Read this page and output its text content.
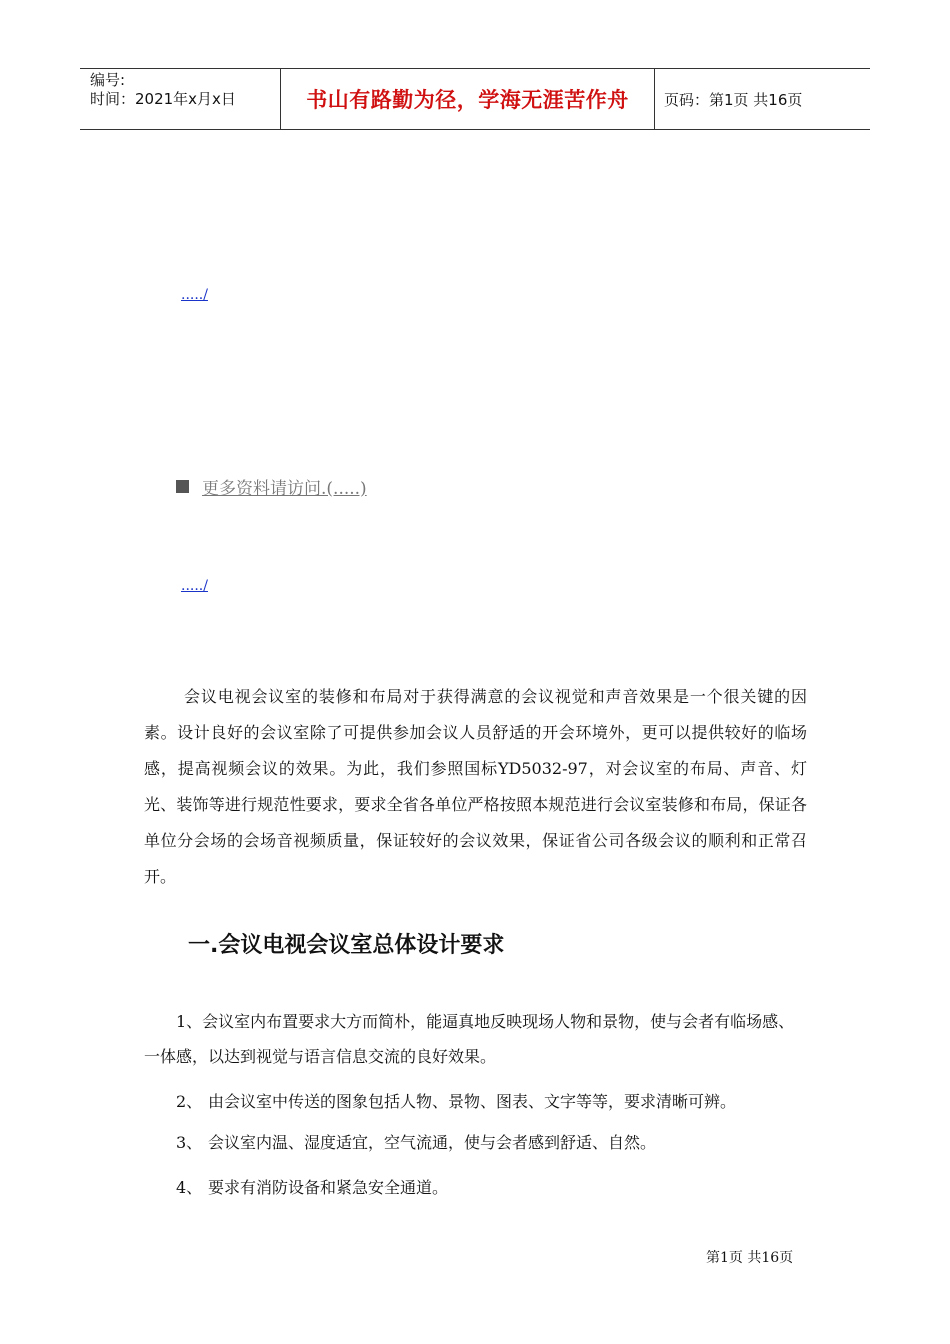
编号:
时间：2021年x月x日	书山有路勤为径，学海无涯苦作舟	页码：第1页 共16页
...../
更多资料请访问.(.....)
...../

会议电视会议室的装修和布局对于获得满意的会议视觉和声音效果是一个很关键的因素。设计良好的会议室除了可提供参加会议人员舒适的开会环境外，更可以提供较好的临场感，提高视频会议的效果。为此，我们参照国标YD5032-97，对会议室的布局、声音、灯光、装饰等进行规范性要求，要求全省各单位严格按照本规范进行会议室装修和布局，保证各单位分会场的会场音视频质量，保证较好的会议效果，保证省公司各级会议的顺利和正常召开。

一.会议电视会议室总体设计要求
1、会议室内布置要求大方而简朴，能逼真地反映现场人物和景物，使与会者有临场感、一体感，以达到视觉与语言信息交流的良好效果。
2、 由会议室中传送的图象包括人物、景物、图表、文字等等，要求清晰可辨。
3、 会议室内温、湿度适宜，空气流通，使与会者感到舒适、自然。
4、 要求有消防设备和紧急安全通道。
第1页 共16页
